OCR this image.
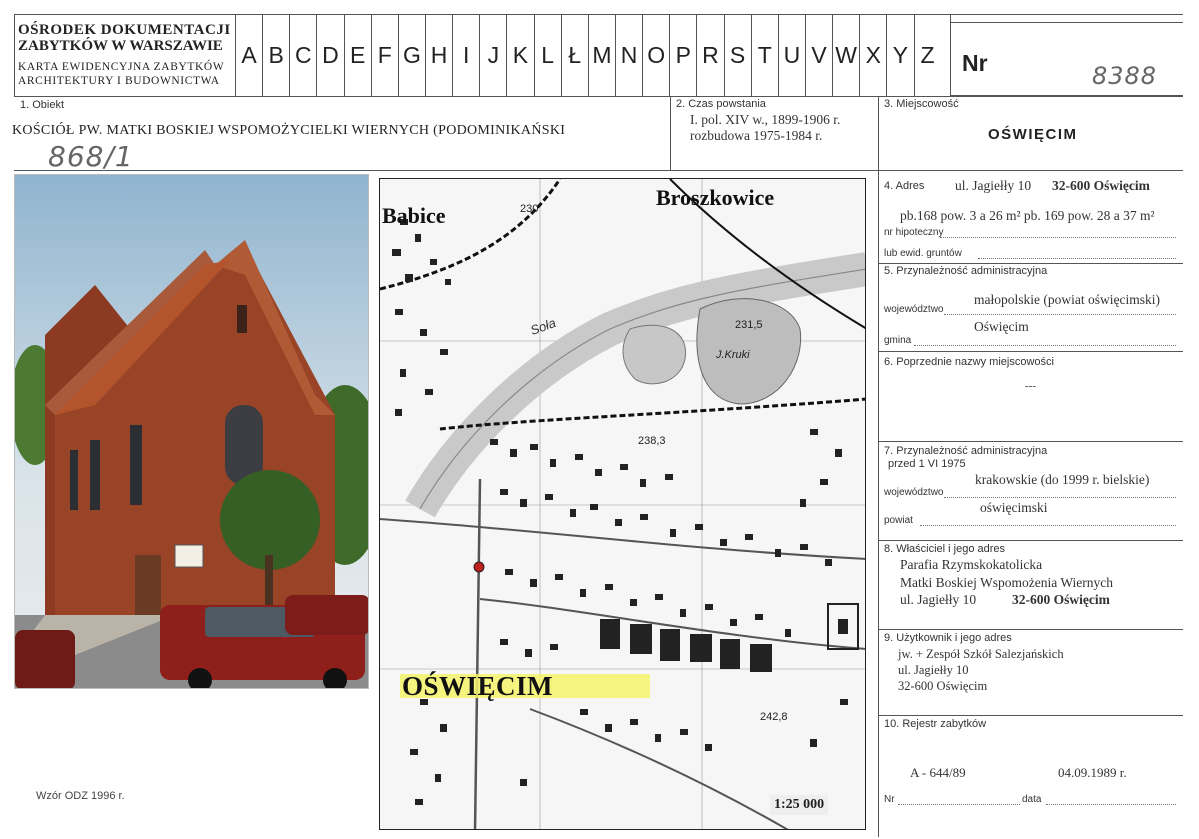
OŚRODEK DOKUMENTACJI
ZABYTKÓW W WARSZAWIE
KARTA EWIDENCYJNA ZABYTKÓW
ARCHITEKTURY I BUDOWNICTWA
A B C D E F G H I J K L Ł M N O P R S T U V W X Y Z Nr	8388
1. Obiekt
KOŚCIÓŁ PW. MATKI BOSKIEJ WSPOMOŻYCIELKI WIERNYCH (PODOMINIKAŃSKI
868/1
2. Czas powstania
I. pol. XIV w., 1899-1906 r.
rozbudowa 1975-1984 r.
3. Miejscowość
OŚWIĘCIM
4. Adres ul. Jagiełły 10 32-600 Oświęcim
pb.168 pow. 3 a 26 m² pb. 169 pow. 28 a 37 m²
nr hipoteczny
lub ewid. gruntów
5. Przynależność administracyjna
małopolskie (powiat oświęcimski)
województwo
Oświęcim
gmina
6. Poprzednie nazwy miejscowości
---
7. Przynależność administracyjna
przed 1 VI 1975
krakowskie (do 1999 r. bielskie)
województwo
oświęcimski
powiat
8. Właściciel i jego adres
Parafia Rzymskokatolicka
Matki Boskiej Wspomożenia Wiernych
ul. Jagiełły 10	32-600 Oświęcim
9. Użytkownik i jego adres
jw. + Zespół Szkół Salezjańskich
ul. Jagiełły 10
32-600 Oświęcim
10. Rejestr zabytków
A - 644/89	04.09.1989 r.
Nr	data
Wzór ODZ 1996 r.
Babice
Broszkowice
OŚWIĘCIM
Soła
J.Kruki
230
231,5
238,3
242,8
1:25 000
